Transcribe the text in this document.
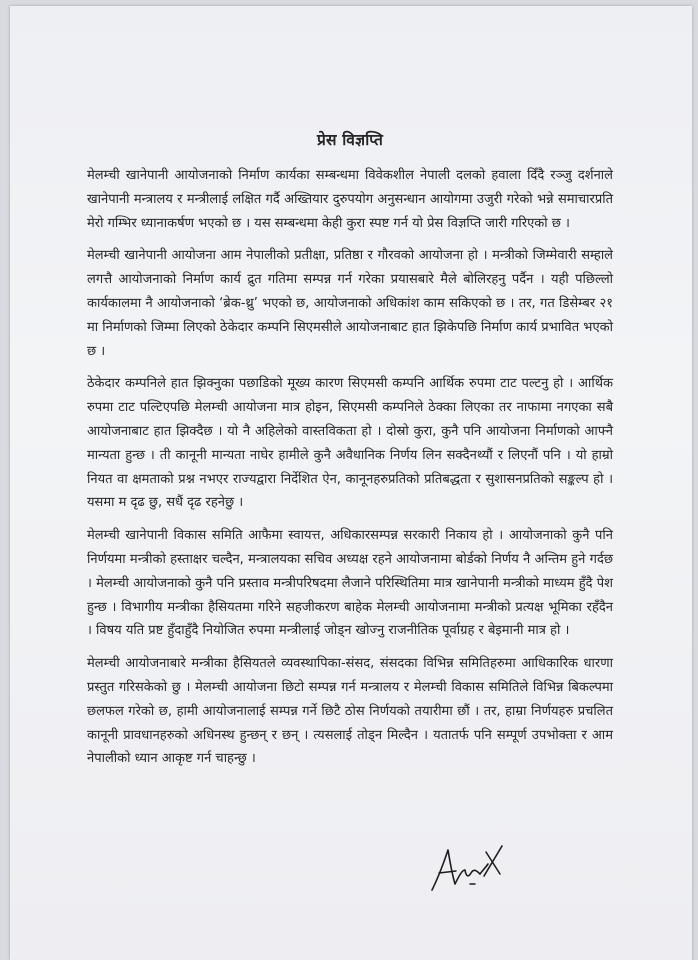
प्रेस विज्ञप्ति

मेलम्ची खानेपानी आयोजनाको निर्माण कार्यका सम्बन्धमा विवेकशील नेपाली दलको हवाला दिँदै रञ्जु दर्शनाले खानेपानी मन्त्रालय र मन्त्रीलाई लक्षित गर्दै अख्तियार दुरुपयोग अनुसन्धान आयोगमा उजुरी गरेको भन्ने समाचारप्रति मेरो गम्भिर ध्यानाकर्षण भएको छ । यस सम्बन्धमा केही कुरा स्पष्ट गर्न यो प्रेस विज्ञप्ति जारी गरिएको छ ।

मेलम्ची खानेपानी आयोजना आम नेपालीको प्रतीक्षा, प्रतिष्ठा र गौरवको आयोजना हो । मन्त्रीको जिम्मेवारी सम्हाले लगत्तै आयोजनाको निर्माण कार्य द्रुत गतिमा सम्पन्न गर्न गरेका प्रयासबारे मैले बोलिरहनु पर्दैन । यही पछिल्लो कार्यकालमा नै आयोजनाको ‘ब्रेक-थ्रु’ भएको छ, आयोजनाको अधिकांश काम सकिएको छ । तर, गत डिसेम्बर २१ मा निर्माणको जिम्मा लिएको ठेकेदार कम्पनि सिएमसीले आयोजनाबाट हात झिकेपछि निर्माण कार्य प्रभावित भएको छ ।

ठेकेदार कम्पनिले हात झिक्नुका पछाडिको मूख्य कारण सिएमसी कम्पनि आर्थिक रुपमा टाट पल्टनु हो । आर्थिक रुपमा टाट पल्टिएपछि मेलम्ची आयोजना मात्र होइन, सिएमसी कम्पनिले ठेक्का लिएका तर नाफामा नगएका सबै आयोजनाबाट हात झिक्दैछ । यो नै अहिलेको वास्तविकता हो । दोस्रो कुरा, कुनै पनि आयोजना निर्माणको आफ्नै मान्यता हुन्छ । ती कानूनी मान्यता नाघेर हामीले कुनै अवैधानिक निर्णय लिन सक्दैनथ्यौं र लिएनौं पनि । यो हाम्रो नियत वा क्षमताको प्रश्न नभएर राज्यद्वारा निर्देशित ऐन, कानूनहरुप्रतिको प्रतिबद्धता र सुशासनप्रतिको सङ्कल्प हो । यसमा म दृढ छु, सधैं दृढ रहनेछु ।

मेलम्ची खानेपानी विकास समिति आफैमा स्वायत्त, अधिकारसम्पन्न सरकारी निकाय हो । आयोजनाको कुनै पनि निर्णयमा मन्त्रीको हस्ताक्षर चल्दैन, मन्त्रालयका सचिव अध्यक्ष रहने आयोजनामा बोर्डको निर्णय नै अन्तिम हुने गर्दछ । मेलम्ची आयोजनाको कुनै पनि प्रस्ताव मन्त्रीपरिषदमा लैजाने परिस्थितिमा मात्र खानेपानी मन्त्रीको माध्यम हुँदै पेश हुन्छ । विभागीय मन्त्रीका हैसियतमा गरिने सहजीकरण बाहेक मेलम्ची आयोजनामा मन्त्रीको प्रत्यक्ष भूमिका रहँदैन । विषय यति प्रष्ट हुँदाहुँदै नियोजित रुपमा मन्त्रीलाई जोड्न खोज्नु राजनीतिक पूर्वाग्रह र बेइमानी मात्र हो ।

मेलम्ची आयोजनाबारे मन्त्रीका हैसियतले व्यवस्थापिका-संसद, संसदका विभिन्न समितिहरुमा आधिकारिक धारणा प्रस्तुत गरिसकेको छु । मेलम्ची आयोजना छिटो सम्पन्न गर्न मन्त्रालय र मेलम्ची विकास समितिले विभिन्न बिकल्पमा छलफल गरेको छ, हामी आयोजनालाई सम्पन्न गर्ने छिटै ठोस निर्णयको तयारीमा छौं । तर, हाम्रा निर्णयहरु प्रचलित कानूनी प्रावधानहरुको अधिनस्थ हुन्छन् र छन् । त्यसलाई तोड्न मिल्दैन । यतातर्फ पनि सम्पूर्ण उपभोक्ता र आम नेपालीको ध्यान आकृष्ट गर्न चाहन्छु ।
